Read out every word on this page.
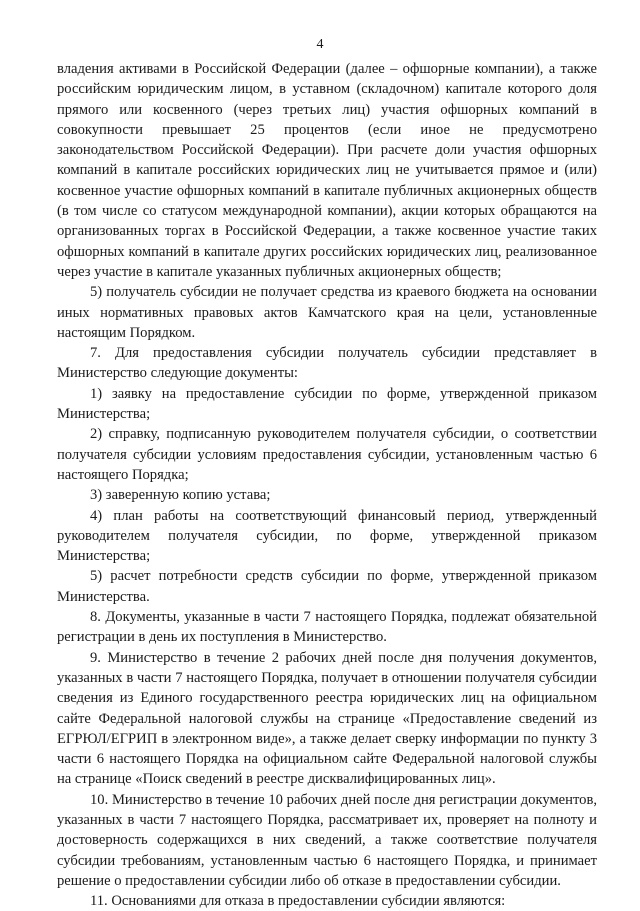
4

владения активами в Российской Федерации (далее – офшорные компании), а также российским юридическим лицом, в уставном (складочном) капитале которого доля прямого или косвенного (через третьих лиц) участия офшорных компаний в совокупности превышает 25 процентов (если иное не предусмотрено законодательством Российской Федерации). При расчете доли участия офшорных компаний в капитале российских юридических лиц не учитывается прямое и (или) косвенное участие офшорных компаний в капитале публичных акционерных обществ (в том числе со статусом международной компании), акции которых обращаются на организованных торгах в Российской Федерации, а также косвенное участие таких офшорных компаний в капитале других российских юридических лиц, реализованное через участие в капитале указанных публичных акционерных обществ;

5) получатель субсидии не получает средства из краевого бюджета на основании иных нормативных правовых актов Камчатского края на цели, установленные настоящим Порядком.

7. Для предоставления субсидии получатель субсидии представляет в Министерство следующие документы:

1) заявку на предоставление субсидии по форме, утвержденной приказом Министерства;

2) справку, подписанную руководителем получателя субсидии, о соответствии получателя субсидии условиям предоставления субсидии, установленным частью 6 настоящего Порядка;

3) заверенную копию устава;

4) план работы на соответствующий финансовый период, утвержденный руководителем получателя субсидии, по форме, утвержденной приказом Министерства;

5) расчет потребности средств субсидии по форме, утвержденной приказом Министерства.

8. Документы, указанные в части 7 настоящего Порядка, подлежат обязательной регистрации в день их поступления в Министерство.

9. Министерство в течение 2 рабочих дней после дня получения документов, указанных в части 7 настоящего Порядка, получает в отношении получателя субсидии сведения из Единого государственного реестра юридических лиц на официальном сайте Федеральной налоговой службы на странице «Предоставление сведений из ЕГРЮЛ/ЕГРИП в электронном виде», а также делает сверку информации по пункту 3 части 6 настоящего Порядка на официальном сайте Федеральной налоговой службы на странице «Поиск сведений в реестре дисквалифицированных лиц».

10. Министерство в течение 10 рабочих дней после дня регистрации документов, указанных в части 7 настоящего Порядка, рассматривает их, проверяет на полноту и достоверность содержащихся в них сведений, а также соответствие получателя субсидии требованиям, установленным частью 6 настоящего Порядка, и принимает решение о предоставлении субсидии либо об отказе в предоставлении субсидии.

11. Основаниями для отказа в предоставлении субсидии являются:
